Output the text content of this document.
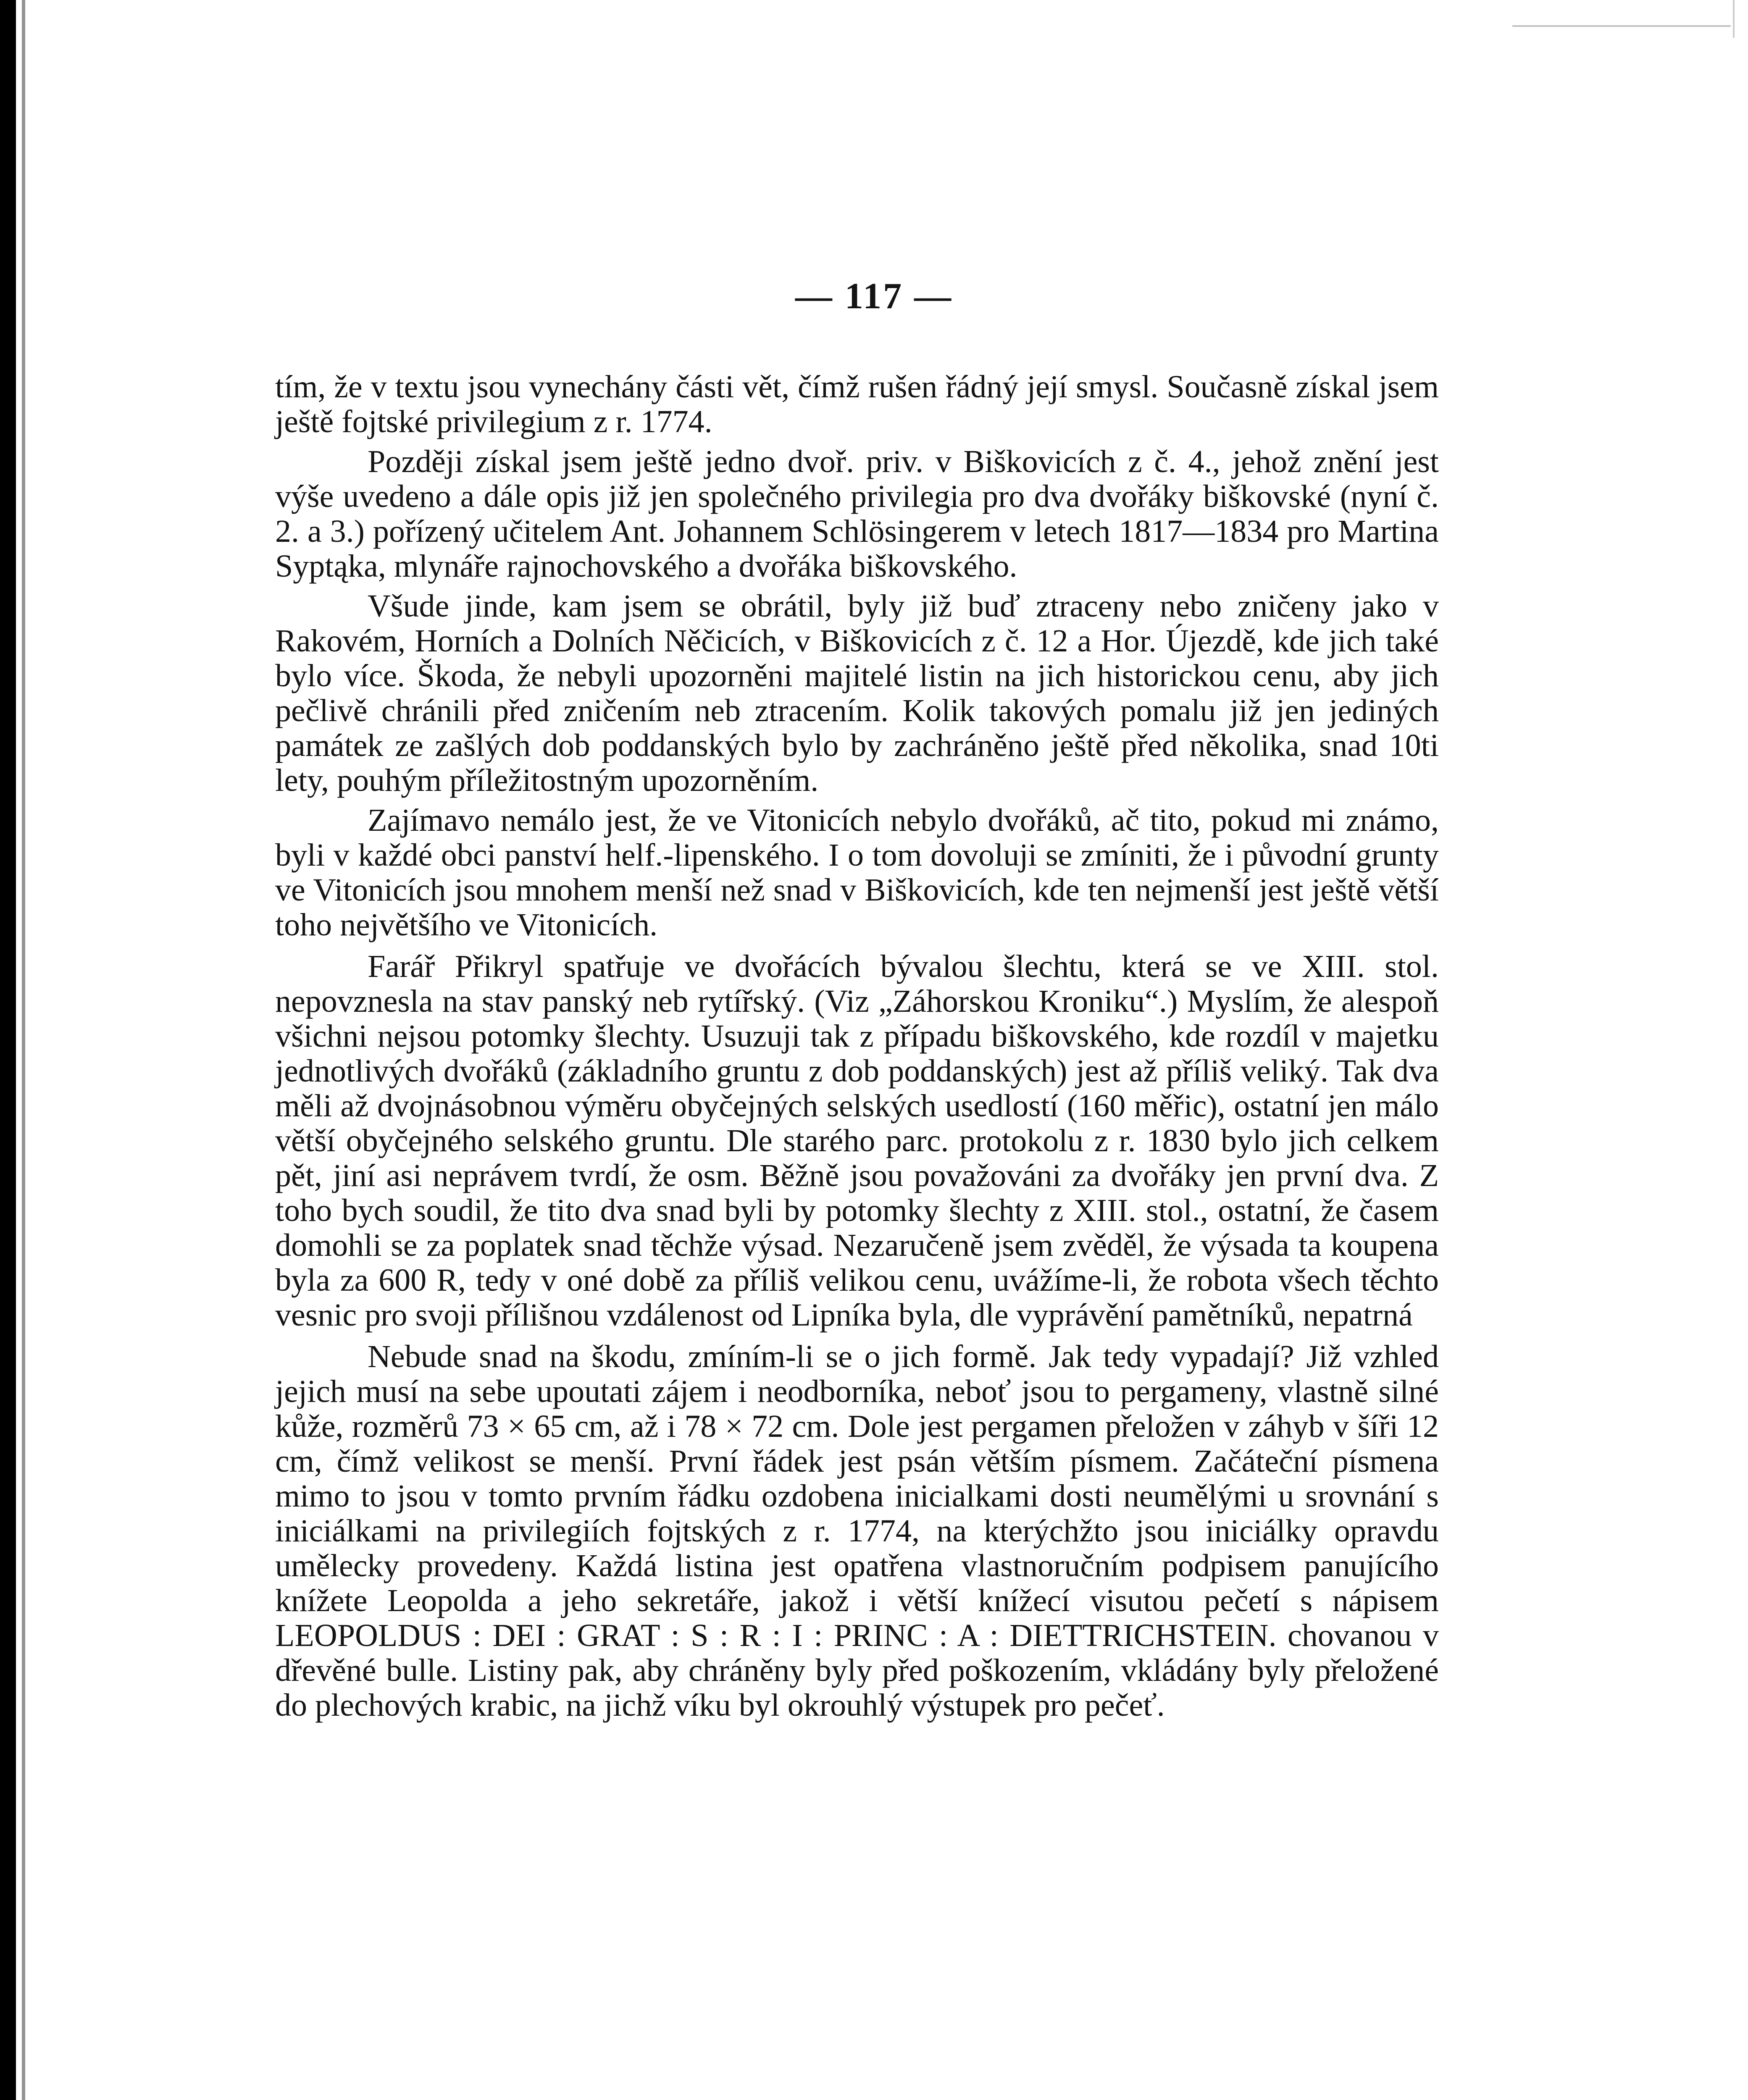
— 117 —

tím, že v textu jsou vynechány části vět, čímž rušen řádný její smysl. Současně získal jsem ještě fojtské privilegium z r. 1774.

Později získal jsem ještě jedno dvoř. priv. v Biškovicích z č. 4., jehož znění jest výše uvedeno a dále opis již jen společného privilegia pro dva dvořáky biškovské (nyní č. 2. a 3.) pořízený učitelem Ant. Johannem Schlösingerem v letech 1817—1834 pro Martina Syptąka, mlynáře rajnochovského a dvořáka biškovského.

Všude jinde, kam jsem se obrátil, byly již buď ztraceny nebo zničeny jako v Rakovém, Horních a Dolních Něčicích, v Biškovicích z č. 12 a Hor. Újezdě, kde jich také bylo více. Škoda, že nebyli upozorněni majitelé listin na jich historickou cenu, aby jich pečlivě chránili před zničením neb ztracením. Kolik takových pomalu již jen jediných památek ze zašlých dob poddanských bylo by zachráněno ještě před několika, snad 10ti lety, pouhým příležitostným upozorněním.

Zajímavo nemálo jest, že ve Vitonicích nebylo dvořáků, ač tito, pokud mi známo, byli v každé obci panství helf.-lipenského. I o tom dovoluji se zmíniti, že i původní grunty ve Vitonicích jsou mnohem menší než snad v Biškovicích, kde ten nejmenší jest ještě větší toho největšího ve Vitonicích.

Farář Přikryl spatřuje ve dvořácích bývalou šlechtu, která se ve XIII. stol. nepovznesla na stav panský neb rytířský. (Viz „Záhorskou Kroniku“.) Myslím, že alespoň všichni nejsou potomky šlechty. Usuzuji tak z případu biškovského, kde rozdíl v majetku jednotlivých dvořáků (základního gruntu z dob poddanských) jest až příliš veliký. Tak dva měli až dvojnásobnou výměru obyčejných selských usedlostí (160 měřic), ostatní jen málo větší obyčejného selského gruntu. Dle starého parc. protokolu z r. 1830 bylo jich celkem pět, jiní asi neprávem tvrdí, že osm. Běžně jsou považováni za dvořáky jen první dva. Z toho bych soudil, že tito dva snad byli by potomky šlechty z XIII. stol., ostatní, že časem domohli se za poplatek snad těchže výsad. Nezaručeně jsem zvěděl, že výsada ta koupena byla za 600 R, tedy v oné době za příliš velikou cenu, uvážíme-li, že robota všech těchto vesnic pro svoji přílišnou vzdálenost od Lipníka byla, dle vyprávění pamětníků, nepatrná

Nebude snad na škodu, zmíním-li se o jich formě. Jak tedy vypadají? Již vzhled jejich musí na sebe upoutati zájem i neodborníka, neboť jsou to pergameny, vlastně silné kůže, rozměrů 73 × 65 cm, až i 78 × 72 cm. Dole jest pergamen přeložen v záhyb v šíři 12 cm, čímž velikost se menší. První řádek jest psán větším písmem. Začáteční písmena mimo to jsou v tomto prvním řádku ozdobena inicialkami dosti neumělými u srovnání s iniciálkami na privilegiích fojtských z r. 1774, na kterýchžto jsou iniciálky opravdu umělecky provedeny. Každá listina jest opatřena vlastnoručním podpisem panujícího knížete Leopolda a jeho sekretáře, jakož i větší knížecí visutou pečetí s nápisem LEOPOLDUS : DEI : GRAT : S : R : I : PRINC : A : DIETTRICHSTEIN. chovanou v dřevěné bulle. Listiny pak, aby chráněny byly před poškozením, vkládány byly přeložené do plechových krabic, na jichž víku byl okrouhlý výstupek pro pečeť.
